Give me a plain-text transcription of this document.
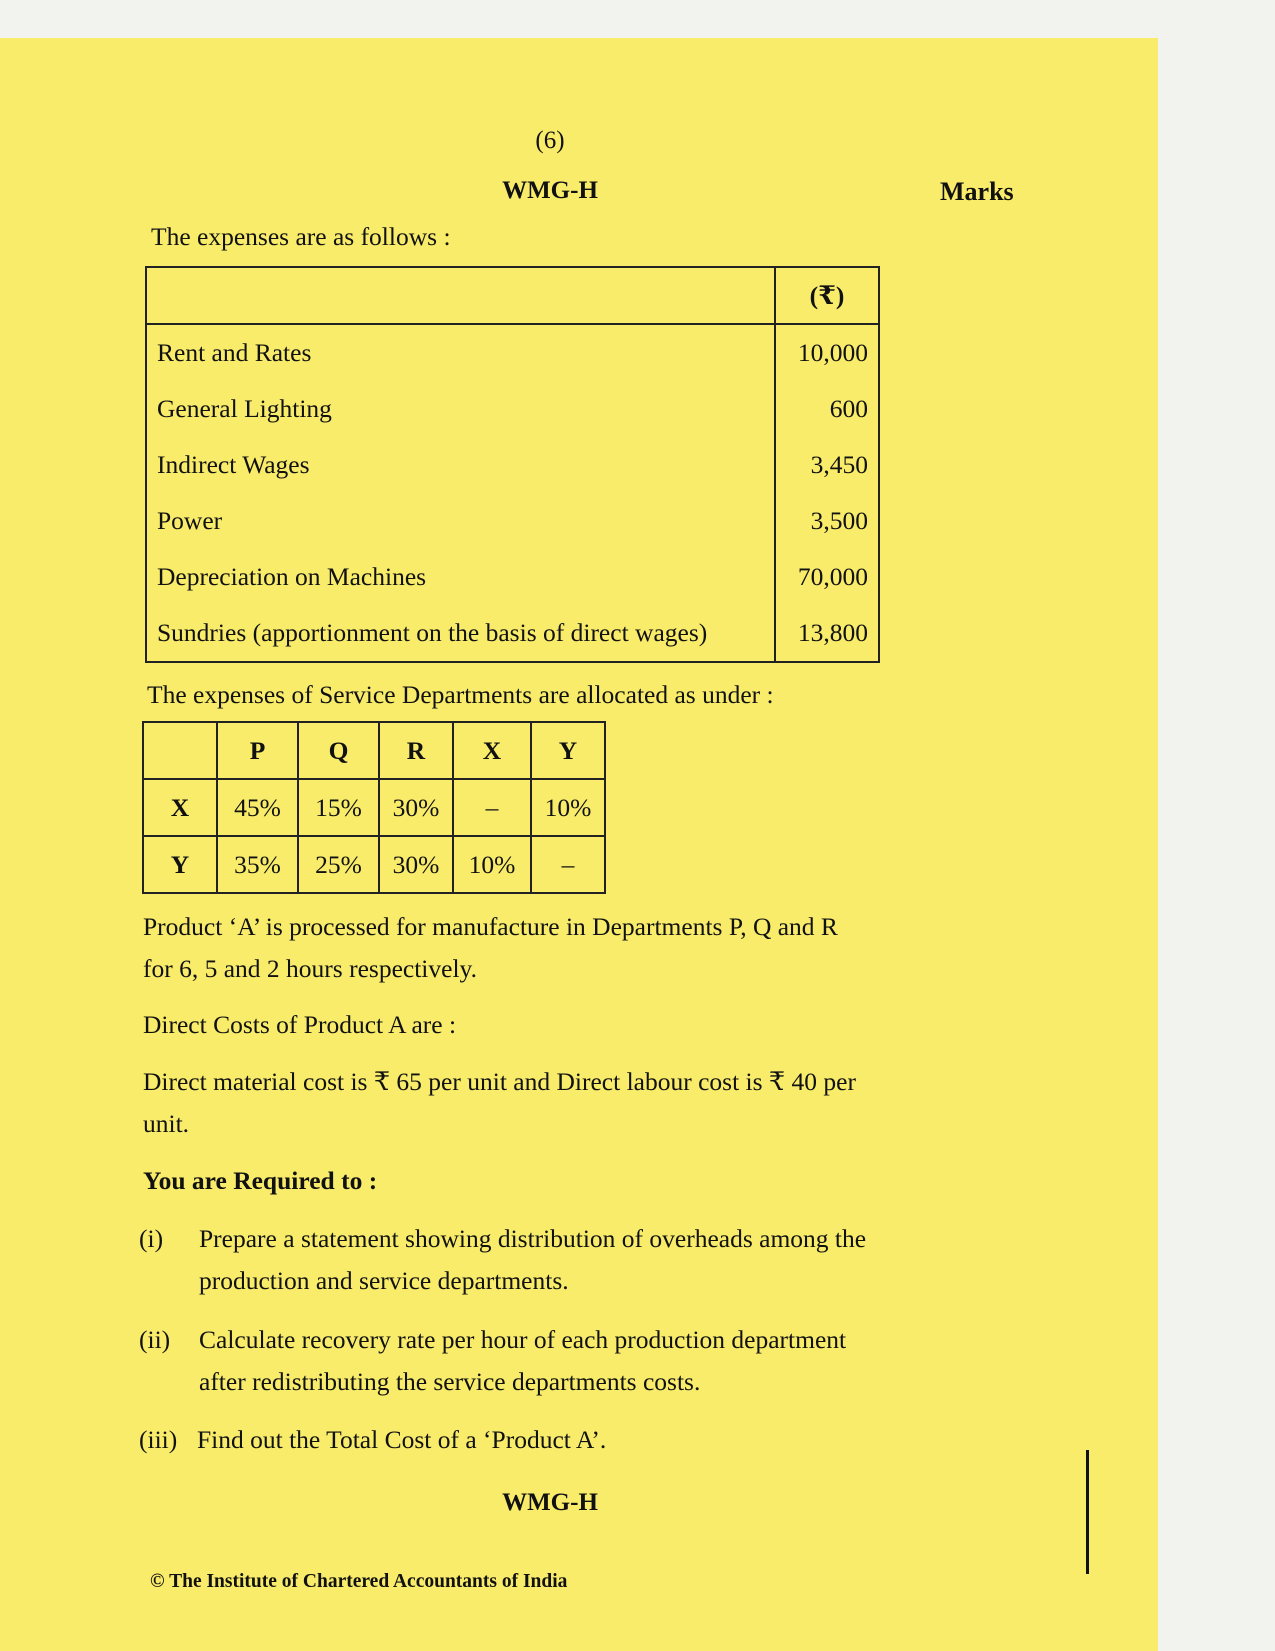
(6)
WMG-H	Marks
The expenses are as follows :
	(₹)
Rent and Rates	10,000
General Lighting	600
Indirect Wages	3,450
Power	3,500
Depreciation on Machines	70,000
Sundries (apportionment on the basis of direct wages)	13,800
The expenses of Service Departments are allocated as under :
	P	Q	R	X	Y
X	45%	15%	30%	–	10%
Y	35%	25%	30%	10%	–
Product ‘A’ is processed for manufacture in Departments P, Q and R
for 6, 5 and 2 hours respectively.
Direct Costs of Product A are :
Direct material cost is ₹ 65 per unit and Direct labour cost is ₹ 40 per
unit.
You are Required to :
(i) Prepare a statement showing distribution of overheads among the
production and service departments.
(ii) Calculate recovery rate per hour of each production department
after redistributing the service departments costs.
(iii) Find out the Total Cost of a ‘Product A’.
WMG-H
© The Institute of Chartered Accountants of India
